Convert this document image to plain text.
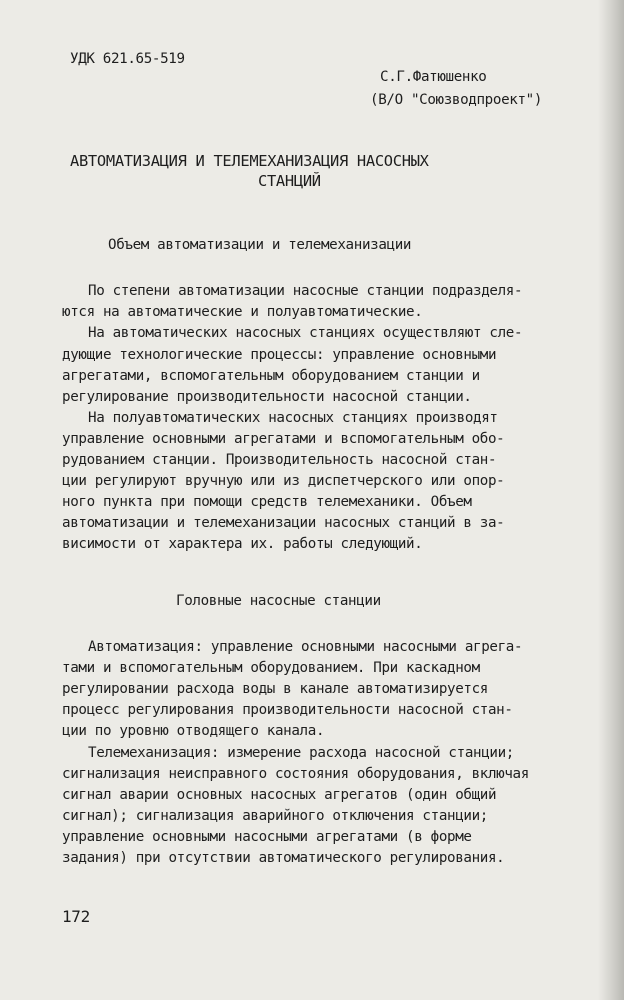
УДК 621.65-519
С.Г.Фатюшенко
(В/О "Союзводпроект")
АВТОМАТИЗАЦИЯ И ТЕЛЕМЕХАНИЗАЦИЯ НАСОСНЫХ
СТАНЦИЙ
Объем автоматизации и телемеханизации
По степени автоматизации насосные станции подразделя-
ются на автоматические и полуавтоматические.
На автоматических насосных станциях осуществляют сле-
дующие технологические процессы: управление основными
агрегатами, вспомогательным оборудованием станции и
регулирование производительности насосной станции.
На полуавтоматических насосных станциях производят
управление основными агрегатами и вспомогательным обо-
рудованием станции. Производительность насосной стан-
ции регулируют вручную или из диспетчерского или опор-
ного пункта при помощи средств телемеханики. Объем
автоматизации и телемеханизации насосных станций в за-
висимости от характера их. работы следующий.
Головные насосные станции
Автоматизация: управление основными насосными агрега-
тами и вспомогательным оборудованием. При каскадном
регулировании расхода воды в канале автоматизируется
процесс регулирования производительности насосной стан-
ции по уровню отводящего канала.
Телемеханизация: измерение расхода насосной станции;
сигнализация неисправного состояния оборудования, включая
сигнал аварии основных насосных агрегатов (один общий
сигнал); сигнализация аварийного отключения станции;
управление основными насосными агрегатами (в форме
задания) при отсутствии автоматического регулирования.
172
